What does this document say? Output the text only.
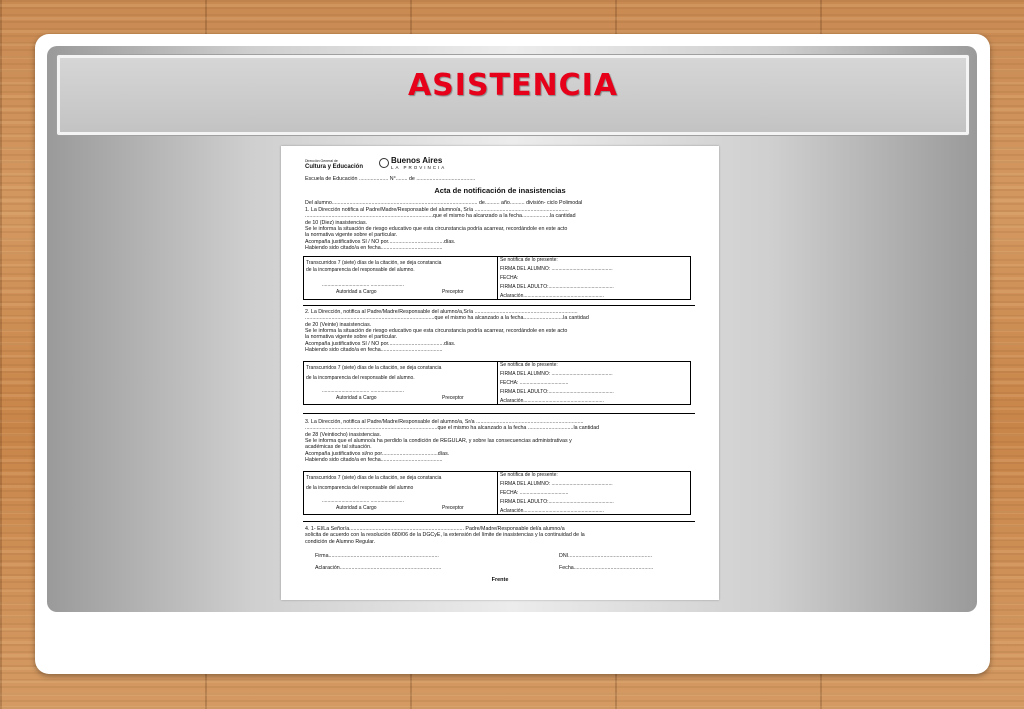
ASISTENCIA
Dirección General de
Cultura y Educación
Buenos Aires
LA PROVINCIA
Escuela de Educación .................... N°........ de ........................................
Acta de notificación de inasistencias
Del alumno................................................................................................... de.......... año.......... división- ciclo Polimodal
1. La Dirección notifica al Padre/Madre/Responsable del alumno/a, Sr/a ................................................................
.......................................................................................que el mismo ha alcanzado a la fecha...................la cantidad
de 10 (Diez) inasistencias.
Se le informa la situación de riesgo educativo que esta circunstancia podría acarrear, recordándole en este acto
la normativa vigente sobre el particular.
Acompaña justificativos SI / NO por......................................días.
Habiendo sido citado/a en fecha..........................................
Transcurridos 7 (siete) días de la citación, se deja constancia
de la incomparencia del responsable del alumno.
.................................. ........................
Autoridad a Cargo	Preceptor
Se notifica de lo presente:
FIRMA DEL ALUMNO: ............................................
FECHA:
FIRMA DEL ADULTO:...............................................
Aclaración..........................................................
2. La Dirección, notifica al Padre/Madre/Responsable del alumno/a,Sr/a ......................................................................
........................................................................................que el mismo ha alcanzado a la fecha...........................la cantidad
de 20 (Veinte) inasistencias.
Se le informa la situación de riesgo educativo que esta circunstancia podría acarrear, recordándole en este acto
la normativa vigente sobre el particular.
Acompaña justificativos SI / NO por......................................días.
Habiendo sido citado/a en fecha..........................................
Transcurridos 7 (siete) días de la citación, se deja constancia
de la incomparencia del responsable del alumno.
.................................. ........................
Autoridad a Cargo	Preceptor
Se notifica de lo presente:
FIRMA DEL ALUMNO: ............................................
FECHA: ...................................
FIRMA DEL ADULTO:...............................................
Aclaración..........................................................
3. La Dirección, notifica al Padre/Madre/Responsable del alumno/a, Sr/a .........................................................................
..........................................................................................que el mismo ha alcanzado a la fecha ...............................la cantidad
de 28 (Veintiocho) inasistencias.
Se le informa que el alumno/a ha perdido la condición de REGULAR, y sobre las consecuencias administrativas y
académicas de tal situación.
Acompaña justificativos si/no por......................................días.
Habiendo sido citado/a en fecha..........................................
Transcurridos 7 (siete) días de la citación, se deja constancia
de la incomparencia del responsable del alumno
.................................. ........................
Autoridad a Cargo	Preceptor
Se notifica de lo presente:
FIRMA DEL ALUMNO: ............................................
FECHA: ...................................
FIRMA DEL ADULTO:...............................................
Aclaración..........................................................
4. 1- El/La Señor/a.............................................................................. Padre/Madre/Responsable del/a alumno/a
solicita de acuerdo con la resolución 680/06 de la DGCyE, la extensión del límite de inasistencias y la continuidad de la
condición de Alumno Regular.
Firma...........................................................................	DNI.........................................................
Aclaración.....................................................................	Fecha......................................................
Frente
